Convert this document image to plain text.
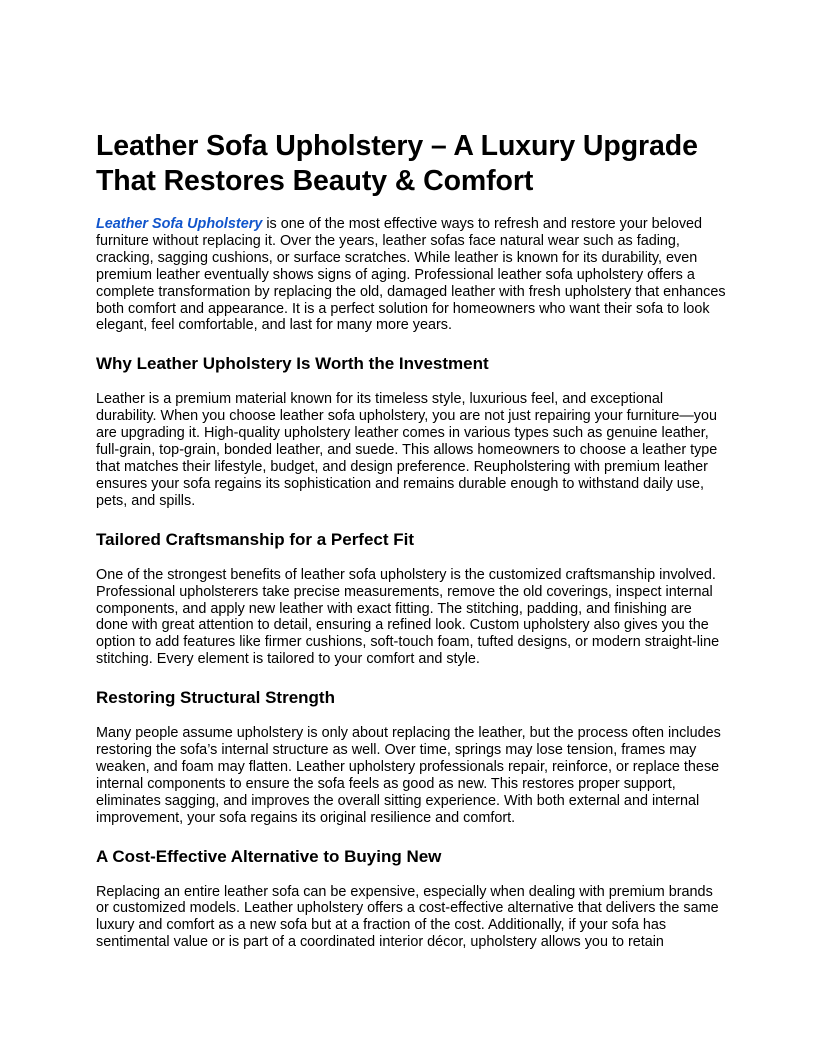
Leather Sofa Upholstery – A Luxury Upgrade That Restores Beauty & Comfort

Leather Sofa Upholstery is one of the most effective ways to refresh and restore your beloved furniture without replacing it. Over the years, leather sofas face natural wear such as fading, cracking, sagging cushions, or surface scratches. While leather is known for its durability, even premium leather eventually shows signs of aging. Professional leather sofa upholstery offers a complete transformation by replacing the old, damaged leather with fresh upholstery that enhances both comfort and appearance. It is a perfect solution for homeowners who want their sofa to look elegant, feel comfortable, and last for many more years.

Why Leather Upholstery Is Worth the Investment

Leather is a premium material known for its timeless style, luxurious feel, and exceptional durability. When you choose leather sofa upholstery, you are not just repairing your furniture—you are upgrading it. High-quality upholstery leather comes in various types such as genuine leather, full-grain, top-grain, bonded leather, and suede. This allows homeowners to choose a leather type that matches their lifestyle, budget, and design preference. Reupholstering with premium leather ensures your sofa regains its sophistication and remains durable enough to withstand daily use, pets, and spills.

Tailored Craftsmanship for a Perfect Fit

One of the strongest benefits of leather sofa upholstery is the customized craftsmanship involved. Professional upholsterers take precise measurements, remove the old coverings, inspect internal components, and apply new leather with exact fitting. The stitching, padding, and finishing are done with great attention to detail, ensuring a refined look. Custom upholstery also gives you the option to add features like firmer cushions, soft-touch foam, tufted designs, or modern straight-line stitching. Every element is tailored to your comfort and style.

Restoring Structural Strength

Many people assume upholstery is only about replacing the leather, but the process often includes restoring the sofa’s internal structure as well. Over time, springs may lose tension, frames may weaken, and foam may flatten. Leather upholstery professionals repair, reinforce, or replace these internal components to ensure the sofa feels as good as new. This restores proper support, eliminates sagging, and improves the overall sitting experience. With both external and internal improvement, your sofa regains its original resilience and comfort.

A Cost-Effective Alternative to Buying New

Replacing an entire leather sofa can be expensive, especially when dealing with premium brands or customized models. Leather upholstery offers a cost-effective alternative that delivers the same luxury and comfort as a new sofa but at a fraction of the cost. Additionally, if your sofa has sentimental value or is part of a coordinated interior décor, upholstery allows you to retain
